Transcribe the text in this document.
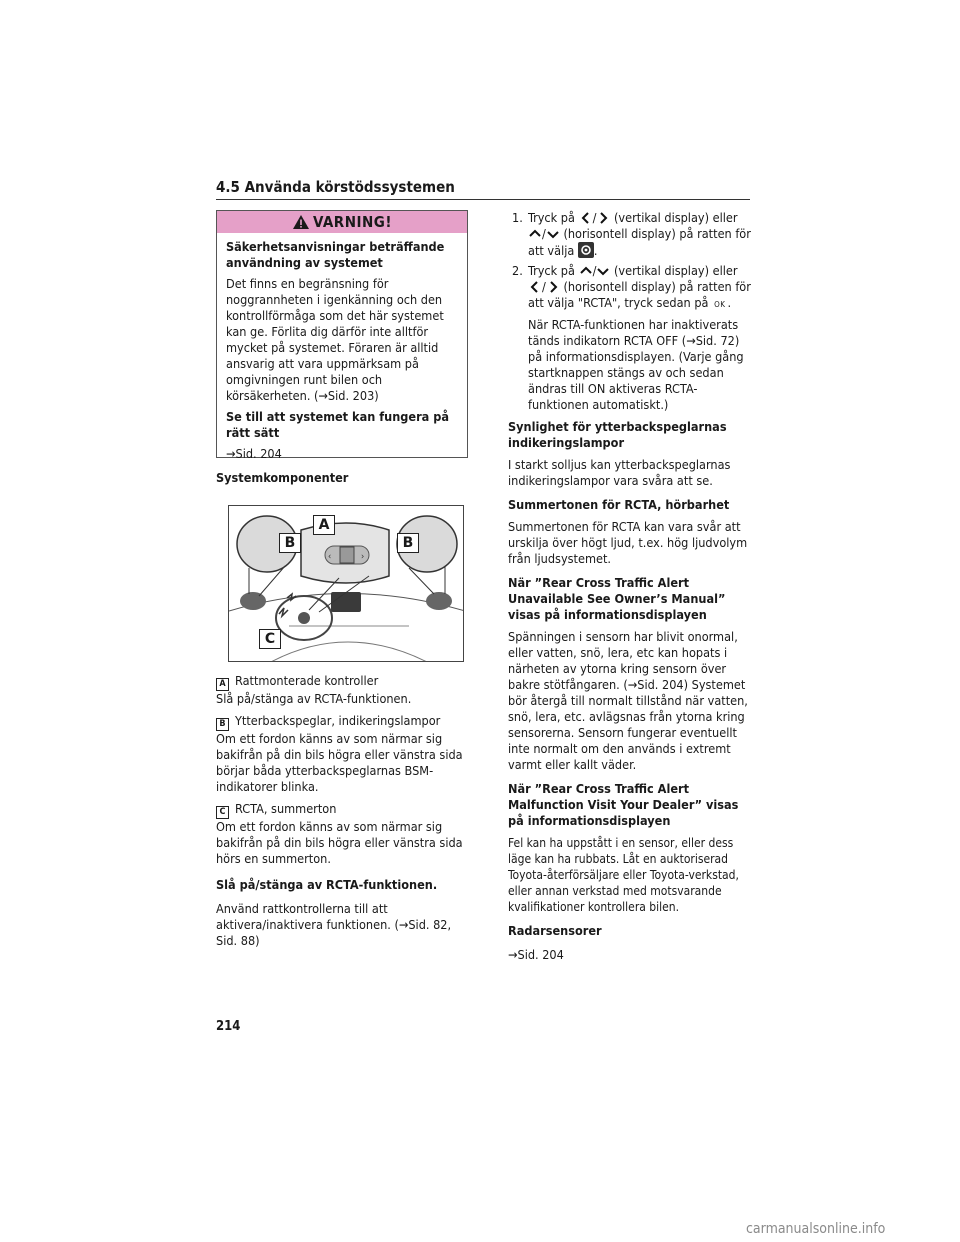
4.5 Använda körstödssystemen
VARNING!

Säkerhetsanvisningar beträffande användning av systemet

Det finns en begränsning för noggrannheten i igenkänning och den kontrollförmåga som det här systemet kan ge. Förlita dig därför inte alltför mycket på systemet. Föraren är alltid ansvarig att vara uppmärksam på omgivningen runt bilen och körsäkerheten. (→Sid. 203)

Se till att systemet kan fungera på rätt sätt

→Sid. 204

Systemkomponenter

‹	›
A
B	B
C
A Rattmonterade kontroller

Slå på/stänga av RCTA-funktionen.

B Ytterbackspeglar, indikeringslampor

Om ett fordon känns av som närmar sig bakifrån på din bils högra eller vänstra sida börjar båda ytterbackspeglarnas BSM-indikatorer blinka.

C RCTA, summerton

Om ett fordon känns av som närmar sig bakifrån på din bils högra eller vänstra sida hörs en summerton.

Slå på/stänga av RCTA-funktionen.

Använd rattkontrollerna till att aktivera/inaktivera funktionen. (→Sid. 82, Sid. 88)

1. Tryck på / (vertikal display) eller / (horisontell display) på ratten för att välja .
2. Tryck på / (vertikal display) eller / (horisontell display) på ratten för att välja "RCTA", tryck sedan på OK .

När RCTA-funktionen har inaktiverats tänds indikatorn RCTA OFF (→Sid. 72) på informationsdisplayen. (Varje gång startknappen stängs av och sedan ändras till ON aktiveras RCTA-funktionen automatiskt.)

Synlighet för ytterbackspeglarnas indikeringslampor

I starkt solljus kan ytterbackspeglarnas indikeringslampor vara svåra att se.

Summertonen för RCTA, hörbarhet

Summertonen för RCTA kan vara svår att urskilja över högt ljud, t.ex. hög ljudvolym från ljudsystemet.

När ”Rear Cross Traffic Alert Unavailable See Owner’s Manual” visas på informationsdisplayen

Spänningen i sensorn har blivit onormal, eller vatten, snö, lera, etc kan hopats i närheten av ytorna kring sensorn över bakre stötfångaren. (→Sid. 204) Systemet bör återgå till normalt tillstånd när vatten, snö, lera, etc. avlägsnas från ytorna kring sensorerna. Sensorn fungerar eventuellt inte normalt om den används i extremt varmt eller kallt väder.

När ”Rear Cross Traffic Alert Malfunction Visit Your Dealer” visas på informationsdisplayen

Fel kan ha uppstått i en sensor, eller dess läge kan ha rubbats. Låt en auktoriserad Toyota-återförsäljare eller Toyota-verkstad, eller annan verkstad med motsvarande kvalifikationer kontrollera bilen.

Radarsensorer

→Sid. 204

214
carmanualsonline.info
